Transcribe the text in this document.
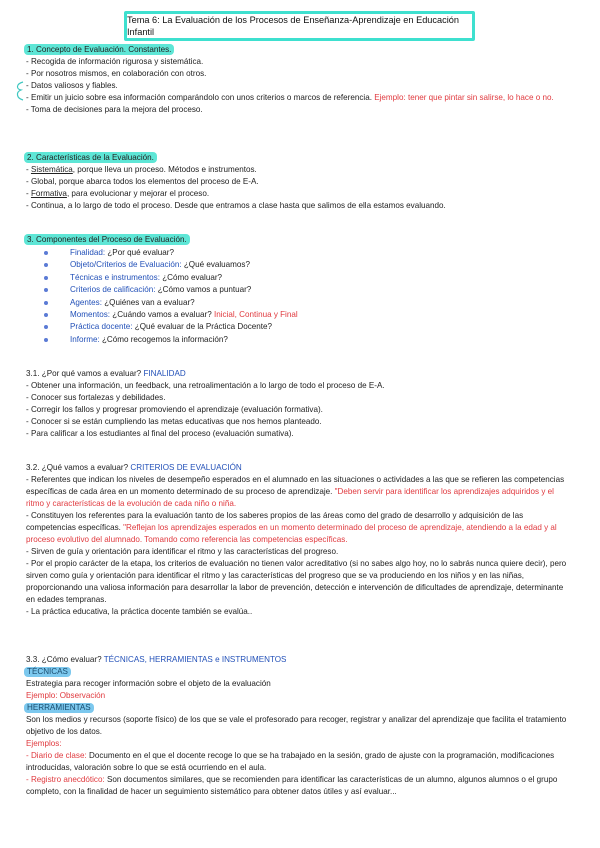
Tema 6: La Evaluación de los Procesos de Enseñanza-Aprendizaje en Educación Infantil
1. Concepto de Evaluación. Constantes.
- Recogida de información rigurosa y sistemática.
- Por nosotros mismos, en colaboración con otros.
- Datos valiosos y fiables.
- Emitir un juicio sobre esa información comparándolo con unos criterios o marcos de referencia. Ejemplo: tener que pintar sin salirse, lo hace o no.
- Toma de decisiones para la mejora del proceso.
2. Características de la Evaluación.
- Sistemática, porque lleva un proceso. Métodos e instrumentos.
- Global, porque abarca todos los elementos del proceso de E-A.
- Formativa, para evolucionar y mejorar el proceso.
- Continua, a lo largo de todo el proceso. Desde que entramos a clase hasta que salimos de ella estamos evaluando.
3. Componentes del Proceso de Evaluación.
Finalidad: ¿Por qué evaluar?
Objeto/Criterios de Evaluación: ¿Qué evaluamos?
Técnicas e instrumentos: ¿Cómo evaluar?
Criterios de calificación: ¿Cómo vamos a puntuar?
Agentes: ¿Quiénes van a evaluar?
Momentos: ¿Cuándo vamos a evaluar? Inicial, Continua y Final
Práctica docente: ¿Qué evaluar de la Práctica Docente?
Informe: ¿Cómo recogemos la información?
3.1. ¿Por qué vamos a evaluar? FINALIDAD
- Obtener una información, un feedback, una retroalimentación a lo largo de todo el proceso de E-A.
- Conocer sus fortalezas y debilidades.
- Corregir los fallos y progresar promoviendo el aprendizaje (evaluación formativa).
- Conocer si se están cumpliendo las metas educativas que nos hemos planteado.
- Para calificar a los estudiantes al final del proceso (evaluación sumativa).
3.2. ¿Qué vamos a evaluar? CRITERIOS DE EVALUACIÓN
- Referentes que indican los niveles de desempeño esperados en el alumnado en las situaciones o actividades a las que se refieren las competencias específicas de cada área en un momento determinado de su proceso de aprendizaje. "Deben servir para identificar los aprendizajes adquiridos y el ritmo y características de la evolución de cada niño o niña.
- Constituyen los referentes para la evaluación tanto de los saberes propios de las áreas como del grado de desarrollo y adquisición de las competencias específicas. "Reflejan los aprendizajes esperados en un momento determinado del proceso de aprendizaje, atendiendo a la edad y al proceso evolutivo del alumnado. Tomando como referencia las competencias específicas.
- Sirven de guía y orientación para identificar el ritmo y las características del progreso.
- Por el propio carácter de la etapa, los criterios de evaluación no tienen valor acreditativo (si no sabes algo hoy, no lo sabrás nunca quiere decir), pero sirven como guía y orientación para identificar el ritmo y las características del progreso que se va produciendo en los niños y en las niñas, proporcionando una valiosa información para desarrollar la labor de prevención, detección e intervención de dificultades de aprendizaje, determinante en edades tempranas.
- La práctica educativa, la práctica docente también se evalúa..
3.3. ¿Cómo evaluar? TÉCNICAS, HERRAMIENTAS e INSTRUMENTOS
TÉCNICAS
Estrategia para recoger información sobre el objeto de la evaluación
Ejemplo: Observación
HERRAMIENTAS
Son los medios y recursos (soporte físico) de los que se vale el profesorado para recoger, registrar y analizar del aprendizaje que facilita el tratamiento objetivo de los datos.
Ejemplos:
- Diario de clase: Documento en el que el docente recoge lo que se ha trabajado en la sesión, grado de ajuste con la programación, modificaciones introducidas, valoración sobre lo que se está ocurriendo en el aula.
- Registro anecdótico: Son documentos similares, que se recomienden para identificar las características de un alumno, algunos alumnos o el grupo completo, con la finalidad de hacer un seguimiento sistemático para obtener datos útiles y así evaluar...
